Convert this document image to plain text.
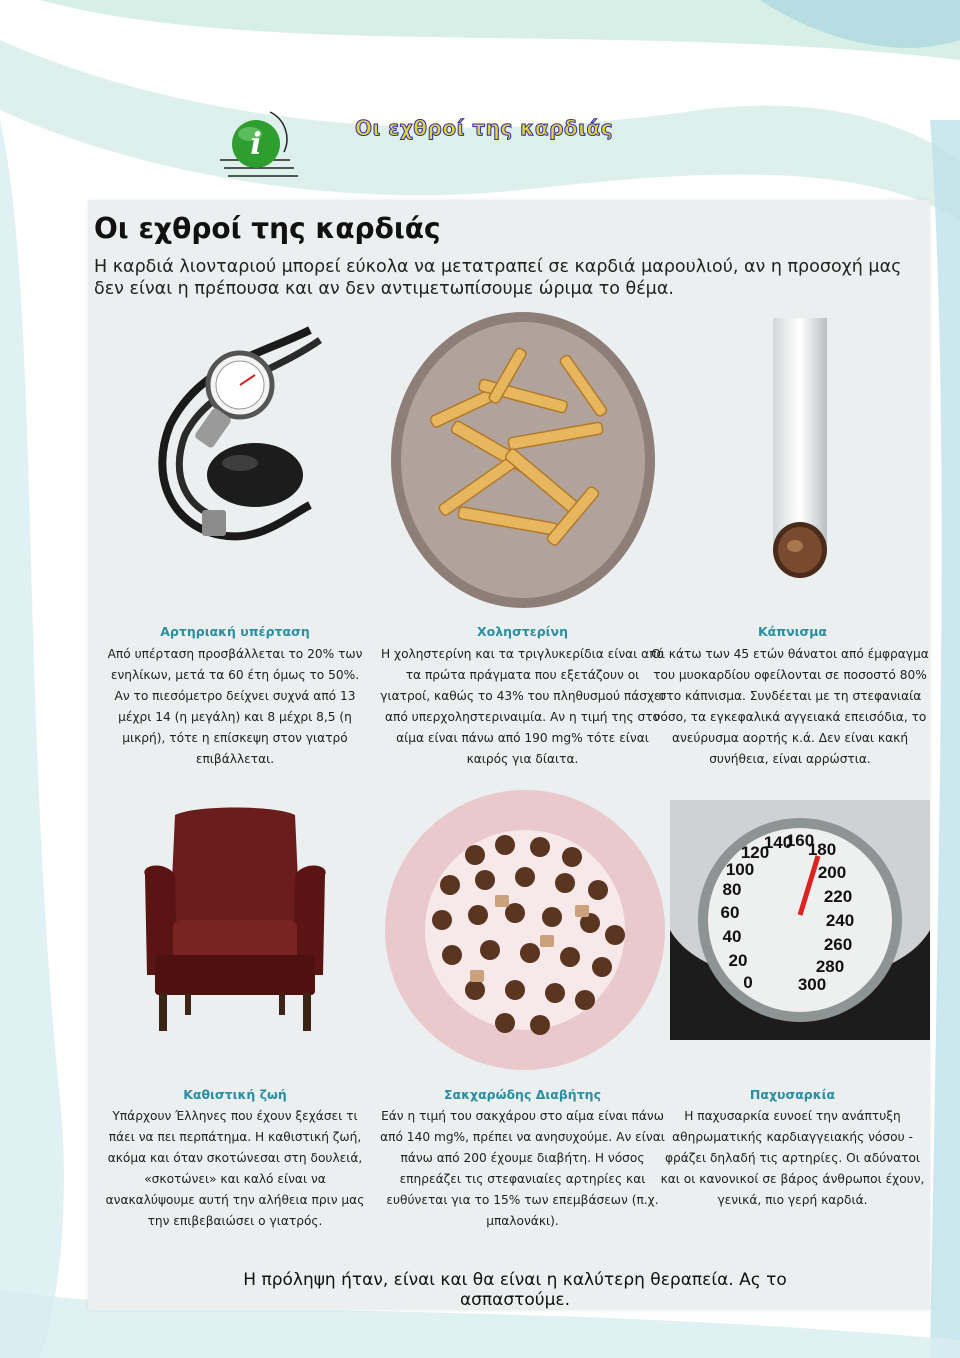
i	Οι εχθροί της καρδιάς
Οι εχθροί της καρδιάς
Η καρδιά λιονταριού μπορεί εύκολα να μετατραπεί σε καρδιά μαρουλιού, αν η προσοχή μας δεν είναι η πρέπουσα και αν δεν αντιμετωπίσουμε ώριμα το θέμα.
0
20
40
60
80
100
120
140
160
180
200
220
240
260
280
300
Αρτηριακή υπέρταση
Από υπέρταση προσβάλλεται το 20% των ενηλίκων, μετά τα 60 έτη όμως το 50%. Αν το πιεσόμετρο δείχνει συχνά από 13 μέχρι 14 (η μεγάλη) και 8 μέχρι 8,5 (η μικρή), τότε η επίσκεψη στον γιατρό επιβάλλεται.
Χοληστερίνη
Η χοληστερίνη και τα τριγλυκερίδια είναι από τα πρώτα πράγματα που εξετάζουν οι γιατροί, καθώς το 43% του πληθυσμού πάσχει από υπερχοληστεριναιμία. Αν η τιμή της στο αίμα είναι πάνω από 190 mg% τότε είναι καιρός για δίαιτα.
Κάπνισμα
Οι κάτω των 45 ετών θάνατοι από έμφραγμα του μυοκαρδίου οφείλονται σε ποσοστό 80% στο κάπνισμα. Συνδέεται με τη στεφανιαία νόσο, τα εγκεφαλικά αγγειακά επεισόδια, το ανεύρυσμα αορτής κ.ά. Δεν είναι κακή συνήθεια, είναι αρρώστια.
Καθιστική ζωή
Υπάρχουν Έλληνες που έχουν ξεχάσει τι πάει να πει περπάτημα. Η καθιστική ζωή, ακόμα και όταν σκοτώνεσαι στη δουλειά, «σκοτώνει» και καλό είναι να ανακαλύψουμε αυτή την αλήθεια πριν μας την επιβεβαιώσει ο γιατρός.
Σακχαρώδης Διαβήτης
Εάν η τιμή του σακχάρου στο αίμα είναι πάνω από 140 mg%, πρέπει να ανησυχούμε. Αν είναι πάνω από 200 έχουμε διαβήτη. Η νόσος επηρεάζει τις στεφανιαίες αρτηρίες και ευθύνεται για το 15% των επεμβάσεων (π.χ. μπαλονάκι).
Παχυσαρκία
Η παχυσαρκία ευνοεί την ανάπτυξη αθηρωματικής καρδιαγγειακής νόσου - φράζει δηλαδή τις αρτηρίες. Οι αδύνατοι και οι κανονικοί σε βάρος άνθρωποι έχουν, γενικά, πιο γερή καρδιά.
Η πρόληψη ήταν, είναι και θα είναι η καλύτερη θεραπεία. Ας το ασπαστούμε.
